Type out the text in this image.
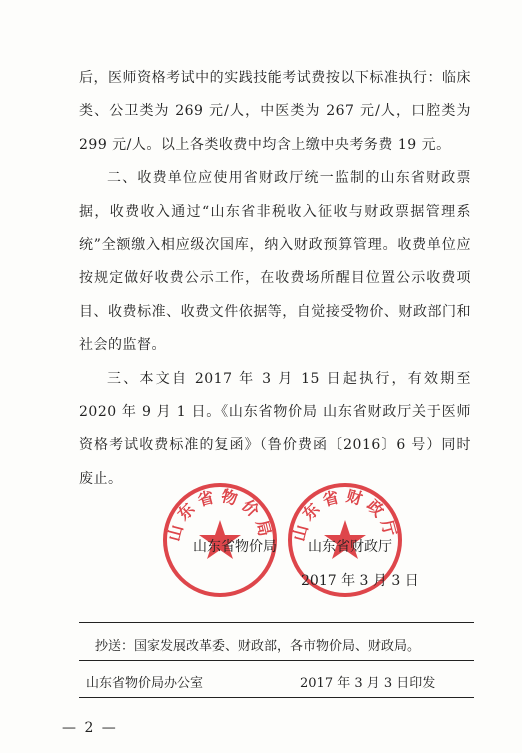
后，医师资格考试中的实践技能考试费按以下标准执行：临床类、公卫类为 269 元/人，中医类为 267 元/人，口腔类为 299 元/人。以上各类收费中均含上缴中央考务费 19 元。

二、收费单位应使用省财政厅统一监制的山东省财政票据，收费收入通过“山东省非税收入征收与财政票据管理系统”全额缴入相应级次国库，纳入财政预算管理。收费单位应按规定做好收费公示工作，在收费场所醒目位置公示收费项目、收费标准、收费文件依据等，自觉接受物价、财政部门和社会的监督。

三、本文自 2017 年 3 月 15 日起执行，有效期至 2020 年 9 月 1 日。《山东省物价局 山东省财政厅关于医师资格考试收费标准的复函》（鲁价费函〔2016〕6 号）同时废止。

山东省物价局 山东省财政厅
山东省物价局 山东省财政厅
2017 年 3 月 3 日
抄送：国家发展改革委、财政部，各市物价局、财政局。
山东省物价局办公室	2017 年 3 月 3 日印发
— 2 —
